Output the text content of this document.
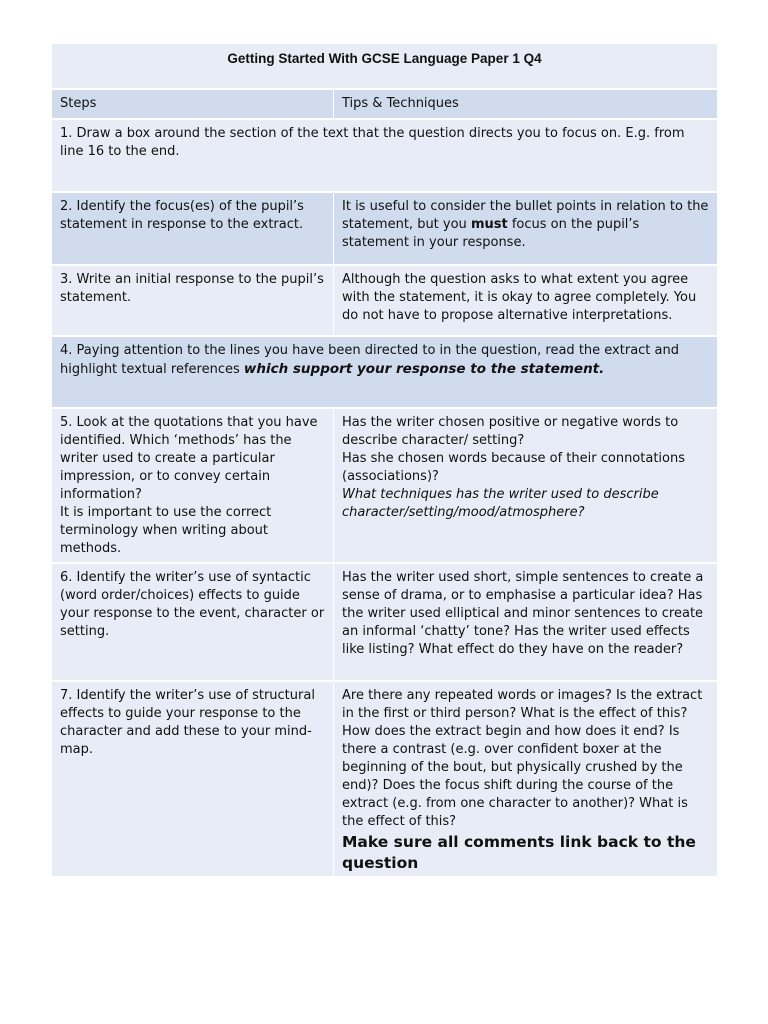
Getting Started With GCSE Language Paper 1 Q4
Steps	Tips & Techniques
1. Draw a box around the section of the text that the question directs you to focus on. E.g. from line 16 to the end.
2. Identify the focus(es) of the pupil’s statement in response to the extract.
It is useful to consider the bullet points in relation to the statement, but you must focus on the pupil’s statement in your response.
3. Write an initial response to the pupil’s statement.
Although the question asks to what extent you agree with the statement, it is okay to agree completely. You do not have to propose alternative interpretations.
4. Paying attention to the lines you have been directed to in the question, read the extract and highlight textual references which support your response to the statement.
5. Look at the quotations that you have identified. Which ‘methods’ has the writer used to create a particular impression, or to convey certain information?
It is important to use the correct terminology when writing about methods.
Has the writer chosen positive or negative words to describe character/ setting?
Has she chosen words because of their connotations (associations)?
What techniques has the writer used to describe character/setting/mood/atmosphere?
6. Identify the writer’s use of syntactic (word order/choices) effects to guide your response to the event, character or setting.
Has the writer used short, simple sentences to create a sense of drama, or to emphasise a particular idea? Has the writer used elliptical and minor sentences to create an informal ‘chatty’ tone? Has the writer used effects like listing? What effect do they have on the reader?
7. Identify the writer’s use of structural effects to guide your response to the character and add these to your mind-map.
Are there any repeated words or images? Is the extract in the first or third person? What is the effect of this? How does the extract begin and how does it end? Is there a contrast (e.g. over confident boxer at the beginning of the bout, but physically crushed by the end)? Does the focus shift during the course of the extract (e.g. from one character to another)? What is the effect of this?
Make sure all comments link back to the question
